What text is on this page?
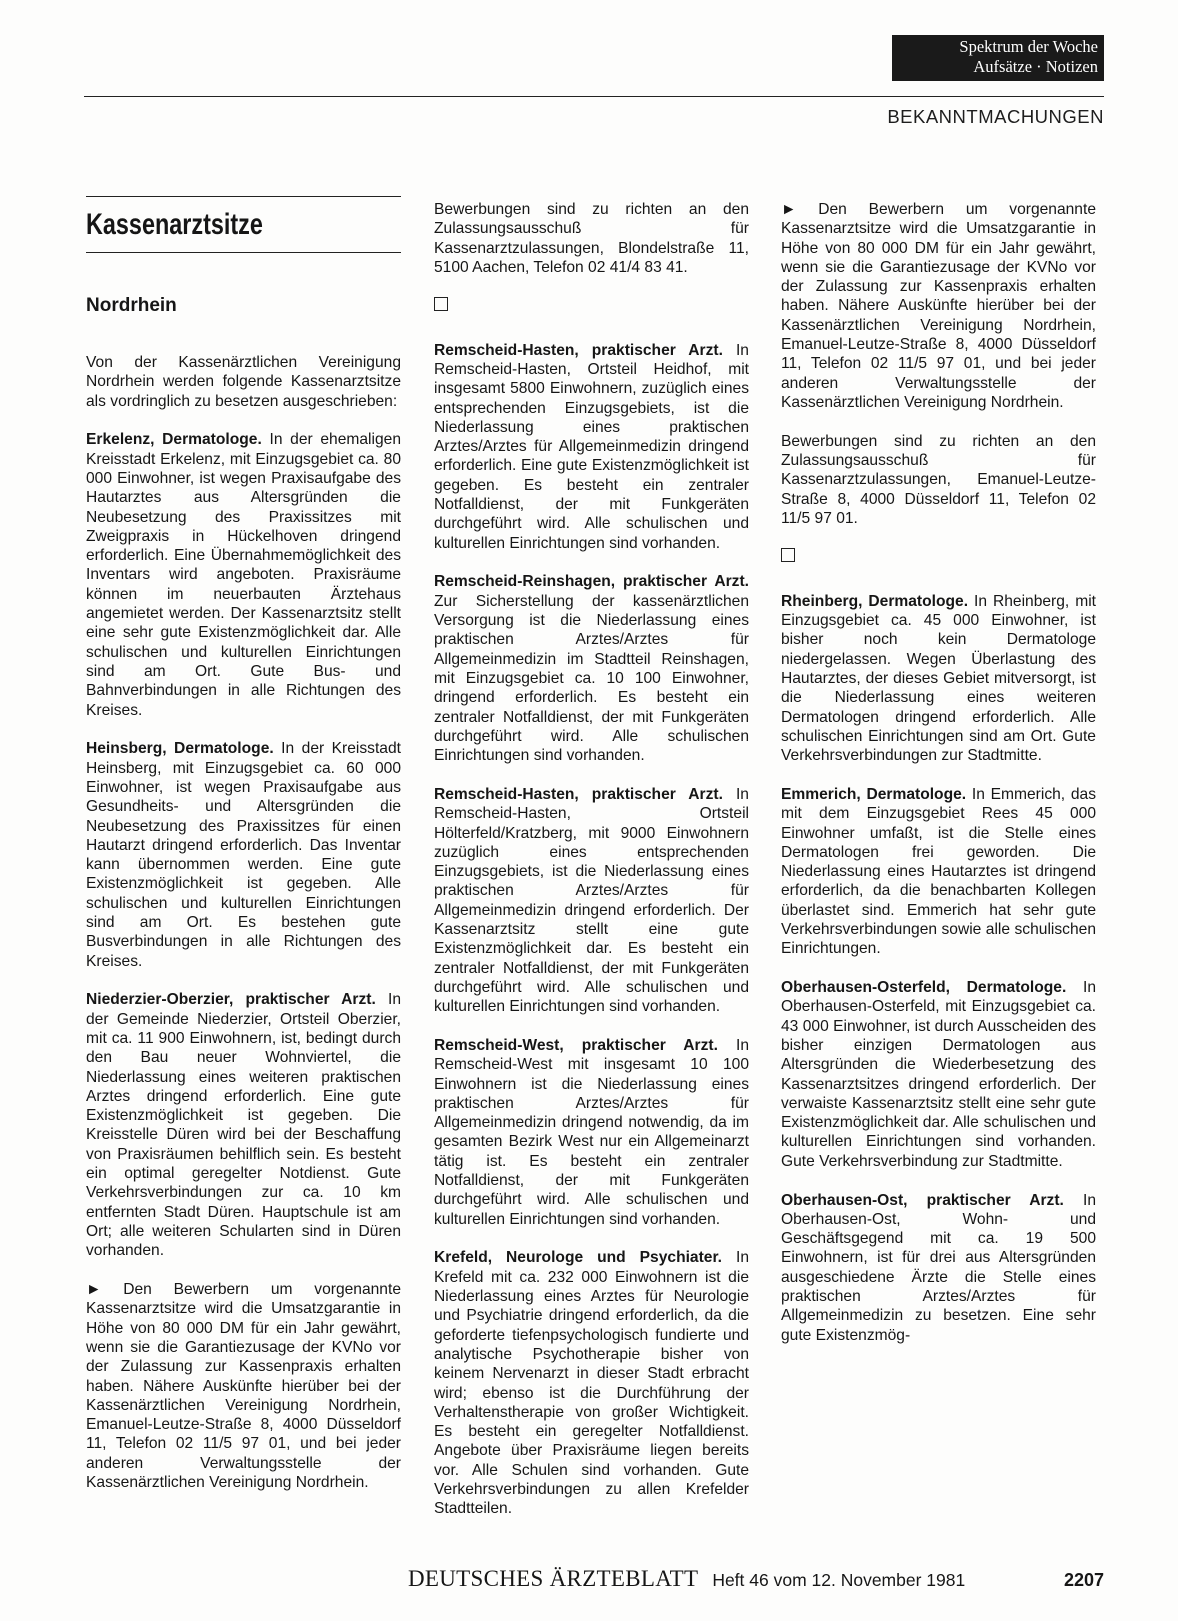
Spektrum der Woche
Aufsätze · Notizen
BEKANNTMACHUNGEN
Kassenarztsitze
Nordrhein

Von der Kassenärztlichen Vereinigung Nordrhein werden folgende Kassenarztsitze als vordringlich zu besetzen ausgeschrieben:

Erkelenz, Dermatologe. In der ehemaligen Kreisstadt Erkelenz, mit Einzugsgebiet ca. 80 000 Einwohner, ist wegen Praxisaufgabe des Hautarztes aus Altersgründen die Neubesetzung des Praxissitzes mit Zweigpraxis in Hückelhoven dringend erforderlich. Eine Übernahmemöglichkeit des Inventars wird angeboten. Praxisräume können im neuerbauten Ärztehaus angemietet werden. Der Kassenarztsitz stellt eine sehr gute Existenzmöglichkeit dar. Alle schulischen und kulturellen Einrichtungen sind am Ort. Gute Bus- und Bahnverbindungen in alle Richtungen des Kreises.

Heinsberg, Dermatologe. In der Kreisstadt Heinsberg, mit Einzugsgebiet ca. 60 000 Einwohner, ist wegen Praxisaufgabe aus Gesundheits- und Altersgründen die Neubesetzung des Praxissitzes für einen Hautarzt dringend erforderlich. Das Inventar kann übernommen werden. Eine gute Existenzmöglichkeit ist gegeben. Alle schulischen und kulturellen Einrichtungen sind am Ort. Es bestehen gute Busverbindungen in alle Richtungen des Kreises.

Niederzier-Oberzier, praktischer Arzt. In der Gemeinde Niederzier, Ortsteil Oberzier, mit ca. 11 900 Einwohnern, ist, bedingt durch den Bau neuer Wohnviertel, die Niederlassung eines weiteren praktischen Arztes dringend erforderlich. Eine gute Existenzmöglichkeit ist gegeben. Die Kreisstelle Düren wird bei der Beschaffung von Praxisräumen behilflich sein. Es besteht ein optimal geregelter Notdienst. Gute Verkehrsverbindungen zur ca. 10 km entfernten Stadt Düren. Hauptschule ist am Ort; alle weiteren Schularten sind in Düren vorhanden.

► Den Bewerbern um vorgenannte Kassenarztsitze wird die Umsatzgarantie in Höhe von 80 000 DM für ein Jahr gewährt, wenn sie die Garantiezusage der KVNo vor der Zulassung zur Kassenpraxis erhalten haben. Nähere Auskünfte hierüber bei der Kassenärztlichen Vereinigung Nordrhein, Emanuel-Leutze-Straße 8, 4000 Düsseldorf 11, Telefon 02 11/5 97 01, und bei jeder anderen Verwaltungsstelle der Kassenärztlichen Vereinigung Nordrhein.

Bewerbungen sind zu richten an den Zulassungsausschuß für Kassenarztzulassungen, Blondelstraße 11, 5100 Aachen, Telefon 02 41/4 83 41.

Remscheid-Hasten, praktischer Arzt. In Remscheid-Hasten, Ortsteil Heidhof, mit insgesamt 5800 Einwohnern, zuzüglich eines entsprechenden Einzugsgebiets, ist die Niederlassung eines praktischen Arztes/Arztes für Allgemeinmedizin dringend erforderlich. Eine gute Existenzmöglichkeit ist gegeben. Es besteht ein zentraler Notfalldienst, der mit Funkgeräten durchgeführt wird. Alle schulischen und kulturellen Einrichtungen sind vorhanden.

Remscheid-Reinshagen, praktischer Arzt. Zur Sicherstellung der kassenärztlichen Versorgung ist die Niederlassung eines praktischen Arztes/Arztes für Allgemeinmedizin im Stadtteil Reinshagen, mit Einzugsgebiet ca. 10 100 Einwohner, dringend erforderlich. Es besteht ein zentraler Notfalldienst, der mit Funkgeräten durchgeführt wird. Alle schulischen Einrichtungen sind vorhanden.

Remscheid-Hasten, praktischer Arzt. In Remscheid-Hasten, Ortsteil Hölterfeld/Kratzberg, mit 9000 Einwohnern zuzüglich eines entsprechenden Einzugsgebiets, ist die Niederlassung eines praktischen Arztes/Arztes für Allgemeinmedizin dringend erforderlich. Der Kassenarztsitz stellt eine gute Existenzmöglichkeit dar. Es besteht ein zentraler Notfalldienst, der mit Funkgeräten durchgeführt wird. Alle schulischen und kulturellen Einrichtungen sind vorhanden.

Remscheid-West, praktischer Arzt. In Remscheid-West mit insgesamt 10 100 Einwohnern ist die Niederlassung eines praktischen Arztes/Arztes für Allgemeinmedizin dringend notwendig, da im gesamten Bezirk West nur ein Allgemeinarzt tätig ist. Es besteht ein zentraler Notfalldienst, der mit Funkgeräten durchgeführt wird. Alle schulischen und kulturellen Einrichtungen sind vorhanden.

Krefeld, Neurologe und Psychiater. In Krefeld mit ca. 232 000 Einwohnern ist die Niederlassung eines Arztes für Neurologie und Psychiatrie dringend erforderlich, da die geforderte tiefenpsychologisch fundierte und analytische Psychotherapie bisher von keinem Nervenarzt in dieser Stadt erbracht wird; ebenso ist die Durchführung der Verhaltenstherapie von großer Wichtigkeit. Es besteht ein geregelter Notfalldienst. Angebote über Praxisräume liegen bereits vor. Alle Schulen sind vorhanden. Gute Verkehrsverbindungen zu allen Krefelder Stadtteilen.

► Den Bewerbern um vorgenannte Kassenarztsitze wird die Umsatzgarantie in Höhe von 80 000 DM für ein Jahr gewährt, wenn sie die Garantiezusage der KVNo vor der Zulassung zur Kassenpraxis erhalten haben. Nähere Auskünfte hierüber bei der Kassenärztlichen Vereinigung Nordrhein, Emanuel-Leutze-Straße 8, 4000 Düsseldorf 11, Telefon 02 11/5 97 01, und bei jeder anderen Verwaltungsstelle der Kassenärztlichen Vereinigung Nordrhein.

Bewerbungen sind zu richten an den Zulassungsausschuß für Kassenarztzulassungen, Emanuel-Leutze-Straße 8, 4000 Düsseldorf 11, Telefon 02 11/5 97 01.

Rheinberg, Dermatologe. In Rheinberg, mit Einzugsgebiet ca. 45 000 Einwohner, ist bisher noch kein Dermatologe niedergelassen. Wegen Überlastung des Hautarztes, der dieses Gebiet mitversorgt, ist die Niederlassung eines weiteren Dermatologen dringend erforderlich. Alle schulischen Einrichtungen sind am Ort. Gute Verkehrsverbindungen zur Stadtmitte.

Emmerich, Dermatologe. In Emmerich, das mit dem Einzugsgebiet Rees 45 000 Einwohner umfaßt, ist die Stelle eines Dermatologen frei geworden. Die Niederlassung eines Hautarztes ist dringend erforderlich, da die benachbarten Kollegen überlastet sind. Emmerich hat sehr gute Verkehrsverbindungen sowie alle schulischen Einrichtungen.

Oberhausen-Osterfeld, Dermatologe. In Oberhausen-Osterfeld, mit Einzugsgebiet ca. 43 000 Einwohner, ist durch Ausscheiden des bisher einzigen Dermatologen aus Altersgründen die Wiederbesetzung des Kassenarztsitzes dringend erforderlich. Der verwaiste Kassenarztsitz stellt eine sehr gute Existenzmöglichkeit dar. Alle schulischen und kulturellen Einrichtungen sind vorhanden. Gute Verkehrsverbindung zur Stadtmitte.

Oberhausen-Ost, praktischer Arzt. In Oberhausen-Ost, Wohn- und Geschäftsgegend mit ca. 19 500 Einwohnern, ist für drei aus Altersgründen ausgeschiedene Ärzte die Stelle eines praktischen Arztes/Arztes für Allgemeinmedizin zu besetzen. Eine sehr gute Existenzmög-

DEUTSCHES ÄRZTEBLATT Heft 46 vom 12. November 1981	2207
